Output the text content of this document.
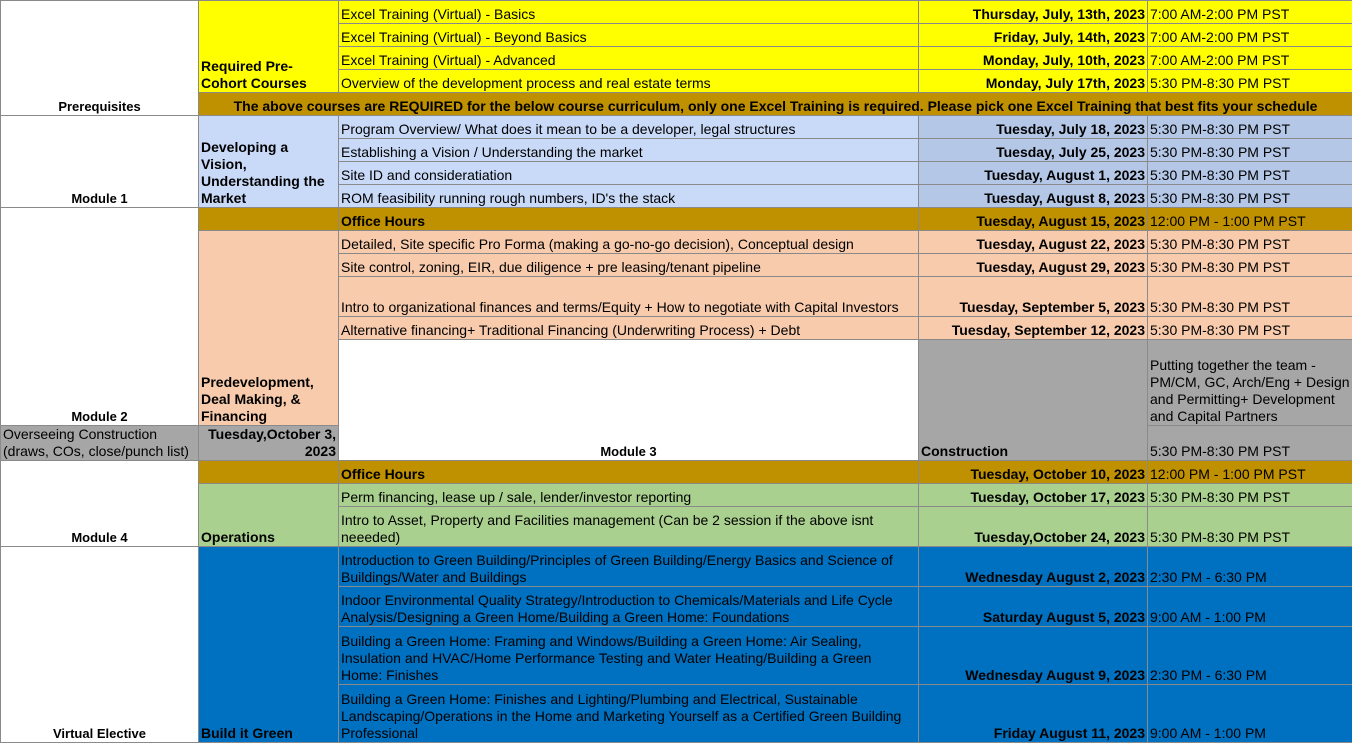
Prerequisites	Required Pre-Cohort Courses	Excel Training (Virtual) - Basics	Thursday, July, 13th, 2023	7:00 AM-2:00 PM PST	
		Excel Training (Virtual) - Beyond Basics	Friday, July, 14th, 2023	7:00 AM-2:00 PM PST	
		Excel Training (Virtual) - Advanced	Monday, July, 10th, 2023	7:00 AM-2:00 PM PST	
		Overview of the development process and real estate terms	Monday, July 17th, 2023	5:30 PM-8:30 PM PST	
	The above courses are REQUIRED for the below course curriculum, only one Excel Training is required. Please pick one Excel Training that best fits your schedule				
Module 1	Developing a Vision, Understanding the Market	Program Overview/ What does it mean to be a developer, legal structures	Tuesday, July 18, 2023	5:30 PM-8:30 PM PST	
		Establishing a Vision / Understanding the market	Tuesday, July 25, 2023	5:30 PM-8:30 PM PST	
		Site ID and consideratiation	Tuesday, August 1, 2023	5:30 PM-8:30 PM PST	
		ROM feasibility running rough numbers, ID's the stack	Tuesday, August 8, 2023	5:30 PM-8:30 PM PST	
Module 2		Office Hours	Tuesday, August 15, 2023	12:00 PM - 1:00 PM PST	
	Predevelopment, Deal Making, & Financing	Detailed, Site specific Pro Forma (making a go-no-go decision), Conceptual design	Tuesday, August 22, 2023	5:30 PM-8:30 PM PST	
		Site control, zoning, EIR, due diligence + pre leasing/tenant pipeline	Tuesday, August 29, 2023	5:30 PM-8:30 PM PST	
		Intro to organizational finances and terms/Equity + How to negotiate with Capital Investors	Tuesday, September 5, 2023	5:30 PM-8:30 PM PST	
		Alternative financing+ Traditional Financing (Underwriting Process) + Debt	Tuesday, September 12, 2023	5:30 PM-8:30 PM PST	
		Module 3	Construction	Putting together the team - PM/CM, GC, Arch/Eng + Design and Permitting+ Development and Capital Partners		
Overseeing Construction (draws, COs, close/punch list)	Tuesday,October 3, 2023			5:30 PM-8:30 PM PST	
Module 4		Office Hours	Tuesday, October 10, 2023	12:00 PM - 1:00 PM PST	
	Operations	Perm financing, lease up / sale, lender/investor reporting	Tuesday, October 17, 2023	5:30 PM-8:30 PM PST	
		Intro to Asset, Property and Facilities management (Can be 2 session if the above isnt neeeded)	Tuesday,October 24, 2023	5:30 PM-8:30 PM PST	
Virtual Elective	Build it Green	Introduction to Green Building/Principles of Green Building/Energy Basics and Science of Buildings/Water and Buildings	Wednesday August 2, 2023	2:30 PM - 6:30 PM	
		Indoor Environmental Quality Strategy/Introduction to Chemicals/Materials and Life Cycle Analysis/Designing a Green Home/Building a Green Home: Foundations	Saturday August 5, 2023	9:00 AM - 1:00 PM	
		Building a Green Home: Framing and Windows/Building a Green Home: Air Sealing, Insulation and HVAC/Home Performance Testing and Water Heating/Building a Green Home: Finishes	Wednesday August 9, 2023	2:30 PM - 6:30 PM	
		Building a Green Home: Finishes and Lighting/Plumbing and Electrical, Sustainable Landscaping/Operations in the Home and Marketing Yourself as a Certified Green Building Professional	Friday August 11, 2023	9:00 AM - 1:00 PM	
